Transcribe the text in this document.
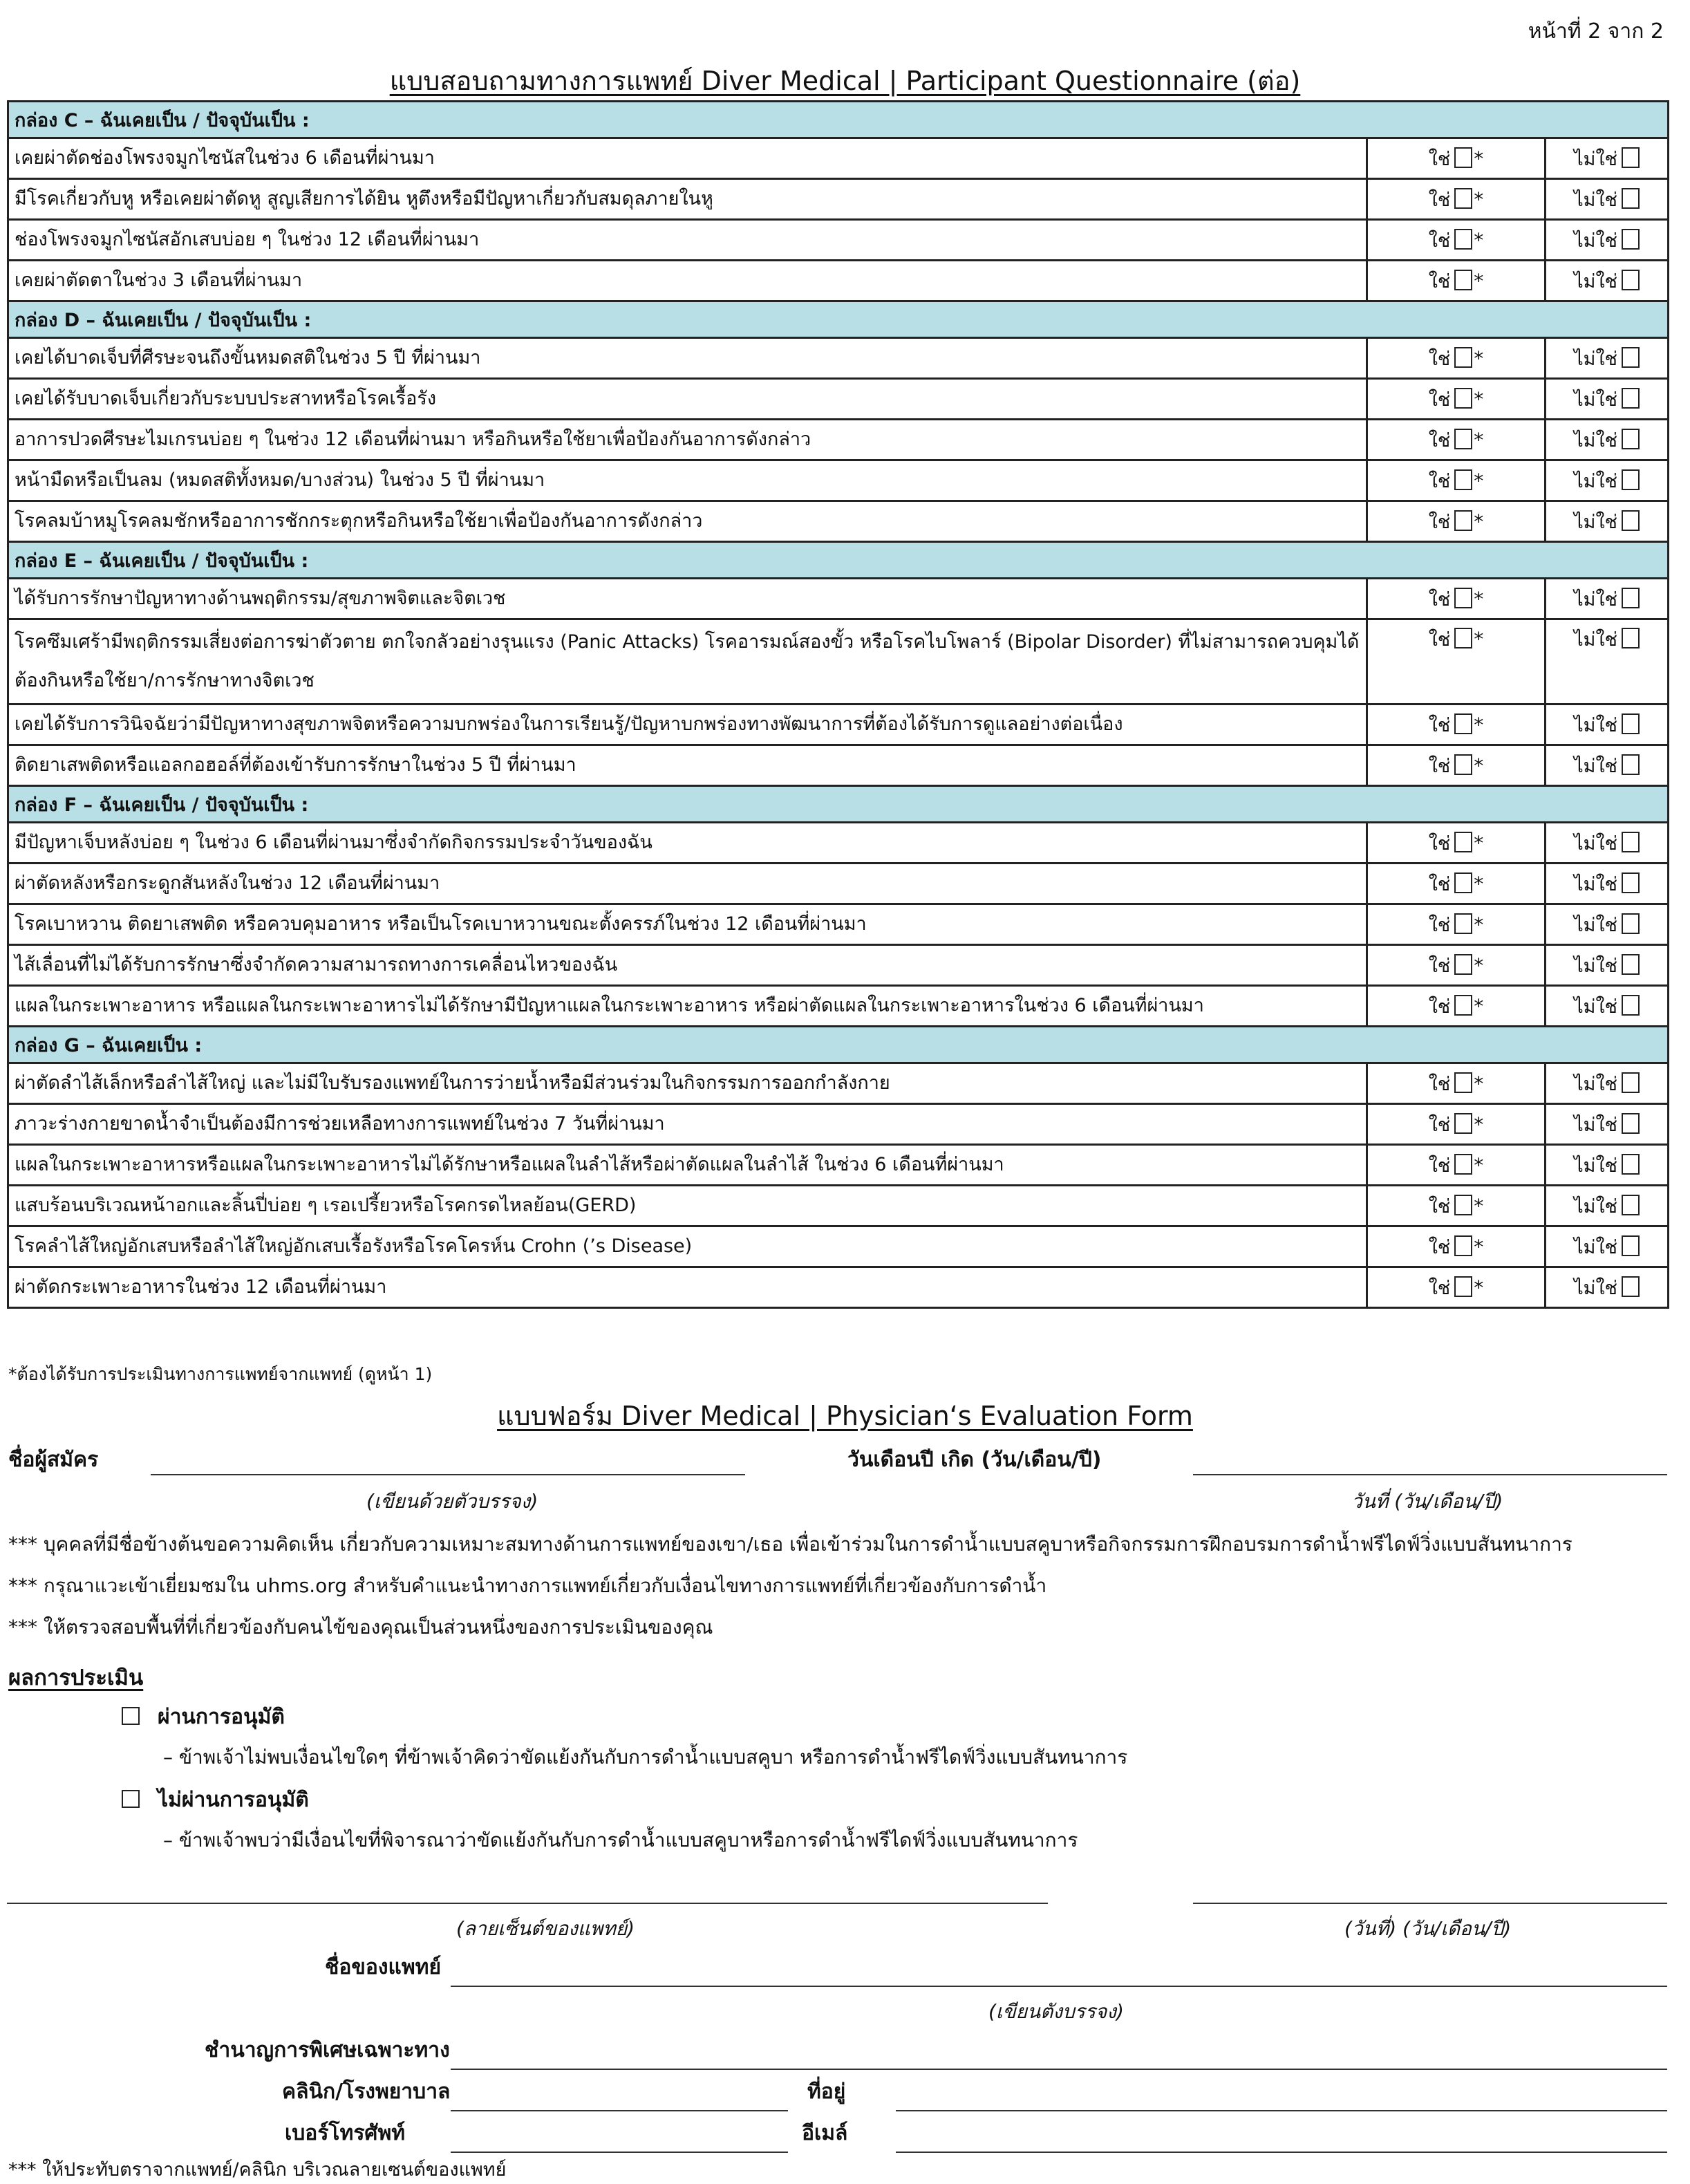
หน้าที่ 2 จาก 2
แบบสอบถามทางการแพทย์ Diver Medical | Participant Questionnaire (ต่อ)
กล่อง C – ฉันเคยเป็น / ปัจจุบันเป็น :		
เคยผ่าตัดช่องโพรงจมูกไซนัสในช่วง 6 เดือนที่ผ่านมา	ใช่ *	ไม่ใช่
มีโรคเกี่ยวกับหู หรือเคยผ่าตัดหู สูญเสียการได้ยิน หูตึงหรือมีปัญหาเกี่ยวกับสมดุลภายในหู	ใช่ *	ไม่ใช่
ช่องโพรงจมูกไซนัสอักเสบบ่อย ๆ ในช่วง 12 เดือนที่ผ่านมา	ใช่ *	ไม่ใช่
เคยผ่าตัดตาในช่วง 3 เดือนที่ผ่านมา	ใช่ *	ไม่ใช่
กล่อง D – ฉันเคยเป็น / ปัจจุบันเป็น :		
เคยได้บาดเจ็บที่ศีรษะจนถึงขั้นหมดสติในช่วง 5 ปี ที่ผ่านมา	ใช่ *	ไม่ใช่
เคยได้รับบาดเจ็บเกี่ยวกับระบบประสาทหรือโรคเรื้อรัง	ใช่ *	ไม่ใช่
อาการปวดศีรษะไมเกรนบ่อย ๆ ในช่วง 12 เดือนที่ผ่านมา หรือกินหรือใช้ยาเพื่อป้องกันอาการดังกล่าว	ใช่ *	ไม่ใช่
หน้ามืดหรือเป็นลม (หมดสติทั้งหมด/บางส่วน) ในช่วง 5 ปี ที่ผ่านมา	ใช่ *	ไม่ใช่
โรคลมบ้าหมูโรคลมชักหรืออาการชักกระตุกหรือกินหรือใช้ยาเพื่อป้องกันอาการดังกล่าว	ใช่ *	ไม่ใช่
กล่อง E – ฉันเคยเป็น / ปัจจุบันเป็น :		
ได้รับการรักษาปัญหาทางด้านพฤติกรรม/สุขภาพจิตและจิตเวช	ใช่ *	ไม่ใช่
โรคซึมเศร้ามีพฤติกรรมเสี่ยงต่อการฆ่าตัวตาย ตกใจกลัวอย่างรุนแรง (Panic Attacks) โรคอารมณ์สองขั้ว หรือโรคไบโพลาร์ (Bipolar Disorder) ที่ไม่สามารถควบคุมได้ต้องกินหรือใช้ยา/การรักษาทางจิตเวช	ใช่ *	ไม่ใช่
เคยได้รับการวินิจฉัยว่ามีปัญหาทางสุขภาพจิตหรือความบกพร่องในการเรียนรู้/ปัญหาบกพร่องทางพัฒนาการที่ต้องได้รับการดูแลอย่างต่อเนื่อง	ใช่ *	ไม่ใช่
ติดยาเสพติดหรือแอลกอฮอล์ที่ต้องเข้ารับการรักษาในช่วง 5 ปี ที่ผ่านมา	ใช่ *	ไม่ใช่
กล่อง F – ฉันเคยเป็น / ปัจจุบันเป็น :		
มีปัญหาเจ็บหลังบ่อย ๆ ในช่วง 6 เดือนที่ผ่านมาซึ่งจำกัดกิจกรรมประจำวันของฉัน	ใช่ *	ไม่ใช่
ผ่าตัดหลังหรือกระดูกสันหลังในช่วง 12 เดือนที่ผ่านมา	ใช่ *	ไม่ใช่
โรคเบาหวาน ติดยาเสพติด หรือควบคุมอาหาร หรือเป็นโรคเบาหวานขณะตั้งครรภ์ในช่วง 12 เดือนที่ผ่านมา	ใช่ *	ไม่ใช่
ไส้เลื่อนที่ไม่ได้รับการรักษาซึ่งจำกัดความสามารถทางการเคลื่อนไหวของฉัน	ใช่ *	ไม่ใช่
แผลในกระเพาะอาหาร หรือแผลในกระเพาะอาหารไม่ได้รักษามีปัญหาแผลในกระเพาะอาหาร หรือผ่าตัดแผลในกระเพาะอาหารในช่วง 6 เดือนที่ผ่านมา	ใช่ *	ไม่ใช่
กล่อง G – ฉันเคยเป็น :		
ผ่าตัดลำไส้เล็กหรือลำไส้ใหญ่ และไม่มีใบรับรองแพทย์ในการว่ายน้ำหรือมีส่วนร่วมในกิจกรรมการออกกำลังกาย	ใช่ *	ไม่ใช่
ภาวะร่างกายขาดน้ำจำเป็นต้องมีการช่วยเหลือทางการแพทย์ในช่วง 7 วันที่ผ่านมา	ใช่ *	ไม่ใช่
แผลในกระเพาะอาหารหรือแผลในกระเพาะอาหารไม่ได้รักษาหรือแผลในลำไส้หรือผ่าตัดแผลในลำไส้ ในช่วง 6 เดือนที่ผ่านมา	ใช่ *	ไม่ใช่
แสบร้อนบริเวณหน้าอกและลิ้นปี่บ่อย ๆ เรอเปรี้ยวหรือโรคกรดไหลย้อน(GERD)	ใช่ *	ไม่ใช่
โรคลำไส้ใหญ่อักเสบหรือลำไส้ใหญ่อักเสบเรื้อรังหรือโรคโครห์น Crohn (’s Disease)	ใช่ *	ไม่ใช่
ผ่าตัดกระเพาะอาหารในช่วง 12 เดือนที่ผ่านมา	ใช่ *	ไม่ใช่
*ต้องได้รับการประเมินทางการแพทย์จากแพทย์ (ดูหน้า 1)
แบบฟอร์ม Diver Medical | Physician‘s Evaluation Form
ชื่อผู้สมัคร
(เขียนด้วยตัวบรรจง)
วันเดือนปี เกิด (วัน/เดือน/ปี)
วันที่ (วัน/เดือน/ปี)
*** บุคคลที่มีชื่อข้างต้นขอความคิดเห็น เกี่ยวกับความเหมาะสมทางด้านการแพทย์ของเขา/เธอ เพื่อเข้าร่วมในการดำน้ำแบบสคูบาหรือกิจกรรมการฝึกอบรมการดำน้ำฟรีไดฟ์วิ่งแบบสันทนาการ
*** กรุณาแวะเข้าเยี่ยมชมใน uhms.org สำหรับคำแนะนำทางการแพทย์เกี่ยวกับเงื่อนไขทางการแพทย์ที่เกี่ยวข้องกับการดำน้ำ
*** ให้ตรวจสอบพื้นที่ที่เกี่ยวข้องกับคนไข้ของคุณเป็นส่วนหนึ่งของการประเมินของคุณ
ผลการประเมิน
ผ่านการอนุมัติ
– ข้าพเจ้าไม่พบเงื่อนไขใดๆ ที่ข้าพเจ้าคิดว่าขัดแย้งกันกับการดำน้ำแบบสคูบา หรือการดำน้ำฟรีไดฟ์วิ่งแบบสันทนาการ
ไม่ผ่านการอนุมัติ
– ข้าพเจ้าพบว่ามีเงื่อนไขที่พิจารณาว่าขัดแย้งกันกับการดำน้ำแบบสคูบาหรือการดำน้ำฟรีไดฟ์วิ่งแบบสันทนาการ
(ลายเซ็นต์ของแพทย์)	(วันที่) (วัน/เดือน/ปี)
ชื่อของแพทย์
(เขียนตังบรรจง)
ชำนาญการพิเศษเฉพาะทาง
คลินิก/โรงพยาบาล	ที่อยู่
เบอร์โทรศัพท์	อีเมล์
*** ให้ประทับตราจากแพทย์/คลินิก บริเวณลายเซนต์ของแพทย์
